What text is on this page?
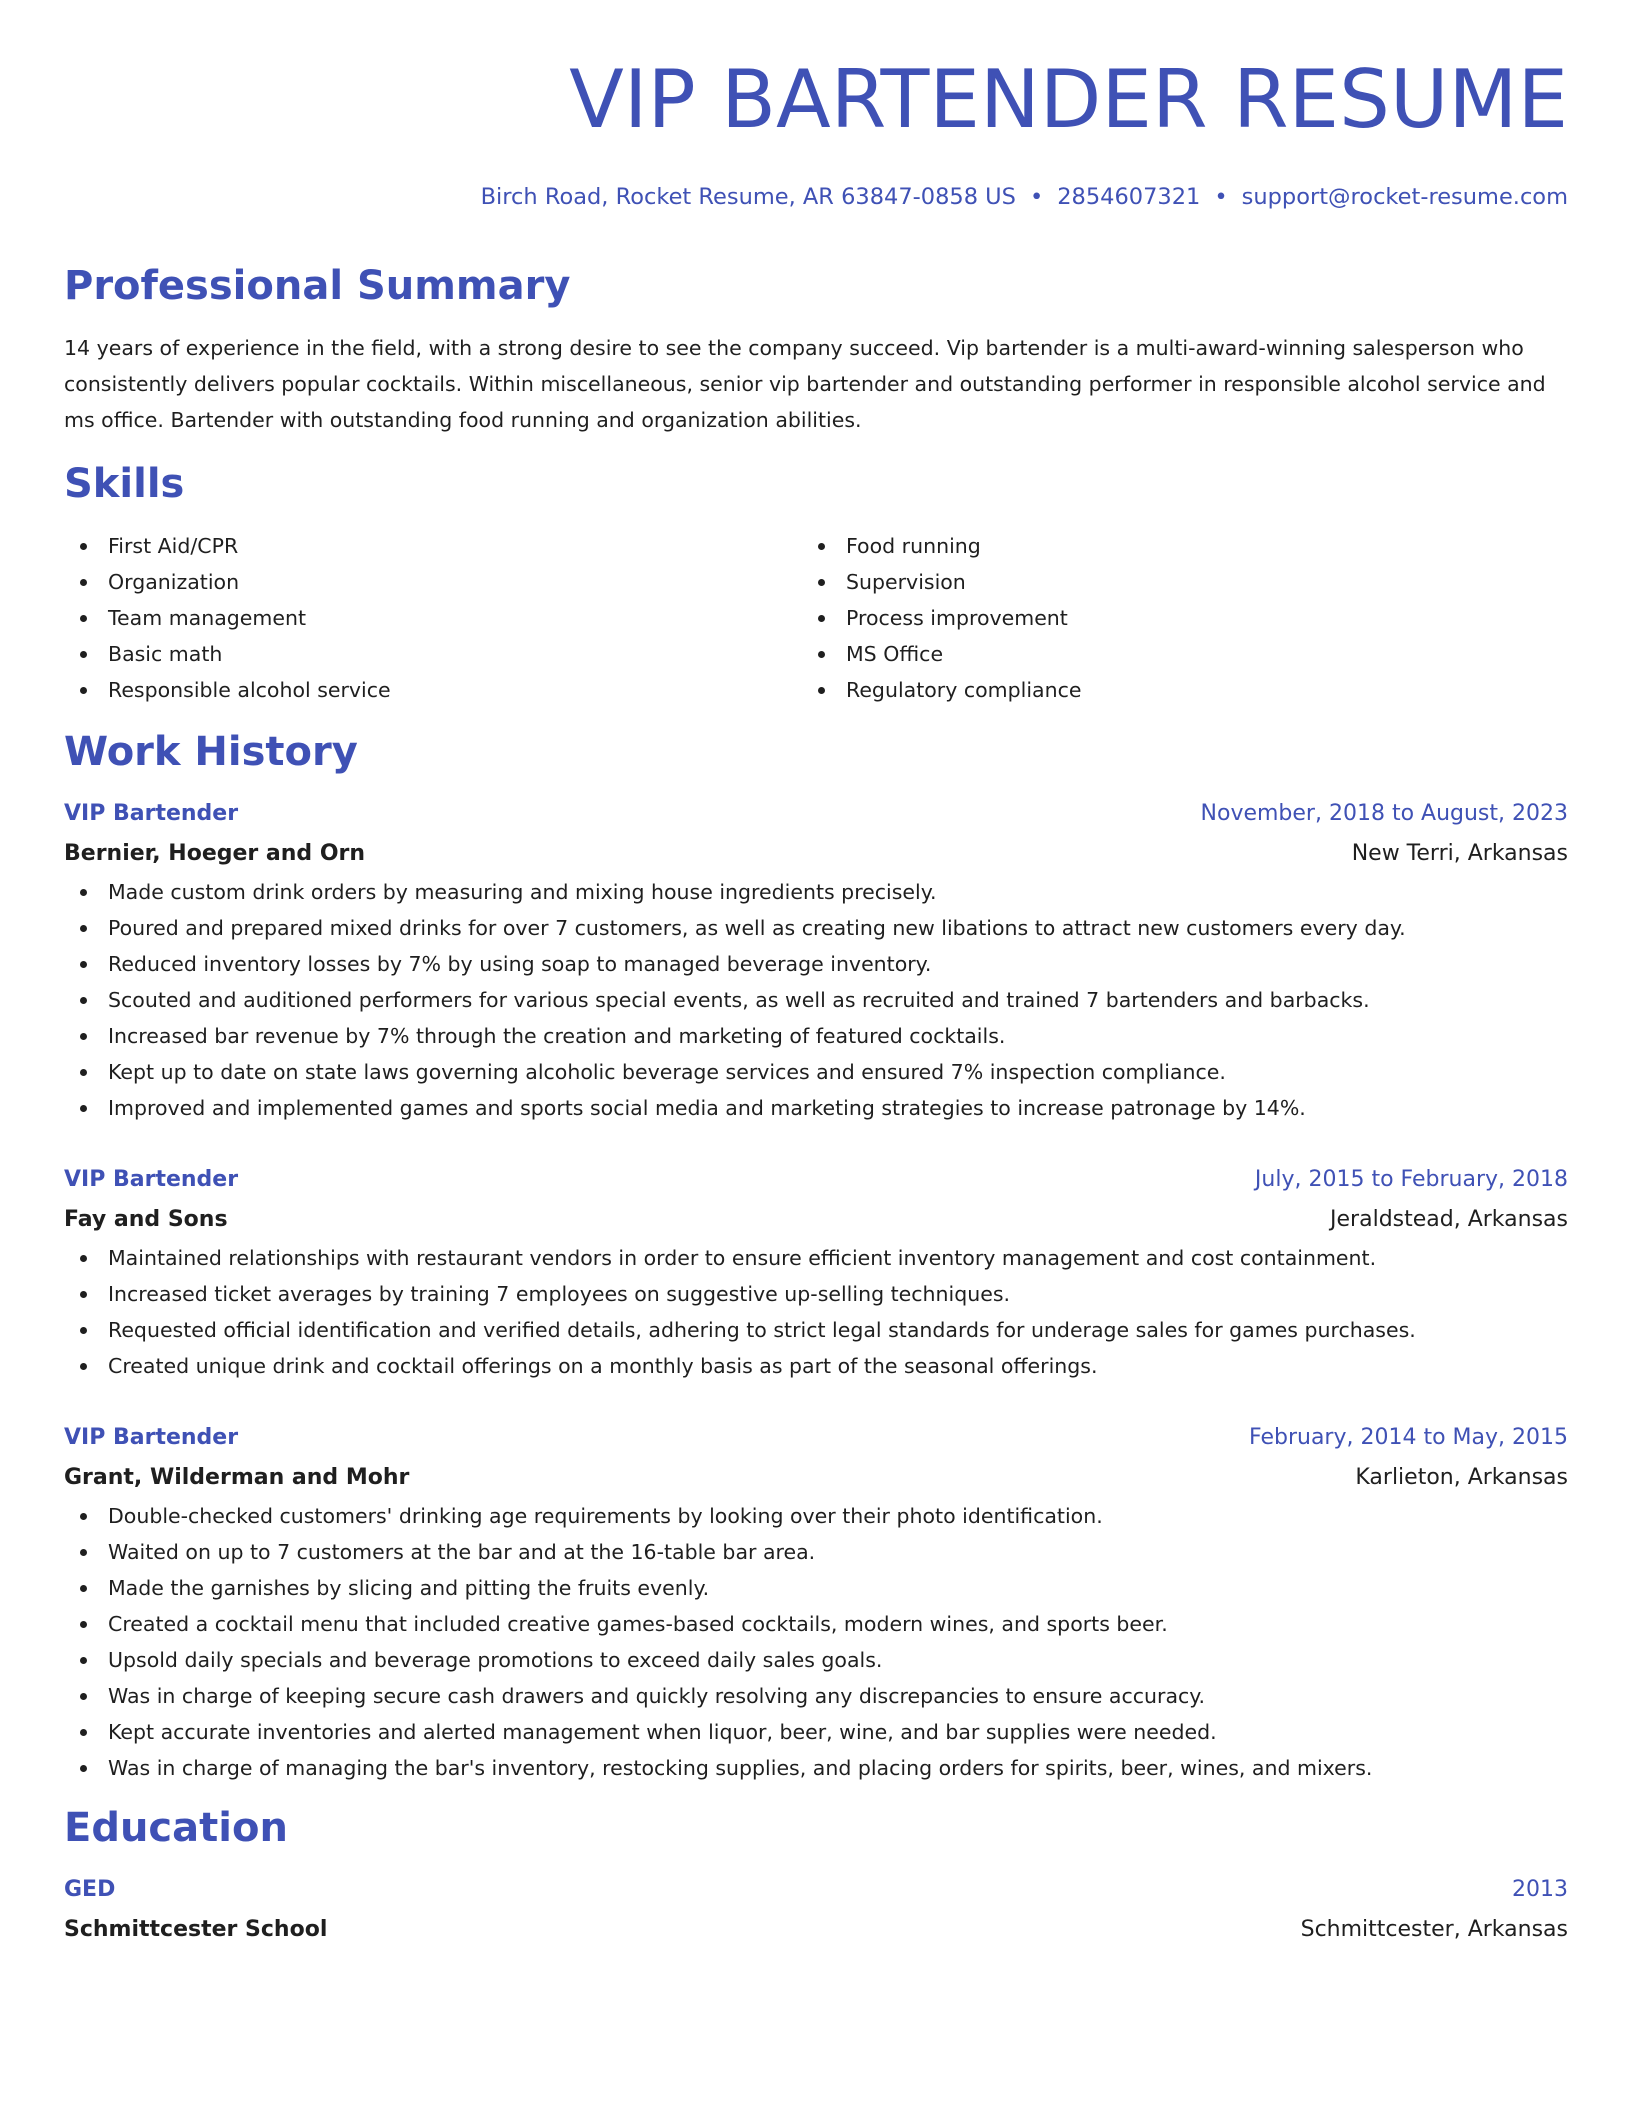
VIP BARTENDER RESUME
Birch Road, Rocket Resume, AR 63847-0858 US • 2854607321 • support@rocket-resume.com
Professional Summary

14 years of experience in the field, with a strong desire to see the company succeed. Vip bartender is a multi-award-winning salesperson who consistently delivers popular cocktails. Within miscellaneous, senior vip bartender and outstanding performer in responsible alcohol service and ms office. Bartender with outstanding food running and organization abilities.

Skills
First Aid/CPR
Organization
Team management
Basic math
Responsible alcohol service
Food running
Supervision
Process improvement
MS Office
Regulatory compliance
Work History
VIP Bartender	November, 2018 to August, 2023
Bernier, Hoeger and Orn	New Terri, Arkansas
Made custom drink orders by measuring and mixing house ingredients precisely.
Poured and prepared mixed drinks for over 7 customers, as well as creating new libations to attract new customers every day.
Reduced inventory losses by 7% by using soap to managed beverage inventory.
Scouted and auditioned performers for various special events, as well as recruited and trained 7 bartenders and barbacks.
Increased bar revenue by 7% through the creation and marketing of featured cocktails.
Kept up to date on state laws governing alcoholic beverage services and ensured 7% inspection compliance.
Improved and implemented games and sports social media and marketing strategies to increase patronage by 14%.
VIP Bartender	July, 2015 to February, 2018
Fay and Sons	Jeraldstead, Arkansas
Maintained relationships with restaurant vendors in order to ensure efficient inventory management and cost containment.
Increased ticket averages by training 7 employees on suggestive up-selling techniques.
Requested official identification and verified details, adhering to strict legal standards for underage sales for games purchases.
Created unique drink and cocktail offerings on a monthly basis as part of the seasonal offerings.
VIP Bartender	February, 2014 to May, 2015
Grant, Wilderman and Mohr	Karlieton, Arkansas
Double-checked customers' drinking age requirements by looking over their photo identification.
Waited on up to 7 customers at the bar and at the 16-table bar area.
Made the garnishes by slicing and pitting the fruits evenly.
Created a cocktail menu that included creative games-based cocktails, modern wines, and sports beer.
Upsold daily specials and beverage promotions to exceed daily sales goals.
Was in charge of keeping secure cash drawers and quickly resolving any discrepancies to ensure accuracy.
Kept accurate inventories and alerted management when liquor, beer, wine, and bar supplies were needed.
Was in charge of managing the bar's inventory, restocking supplies, and placing orders for spirits, beer, wines, and mixers.
Education
GED	2013
Schmittcester School	Schmittcester, Arkansas
